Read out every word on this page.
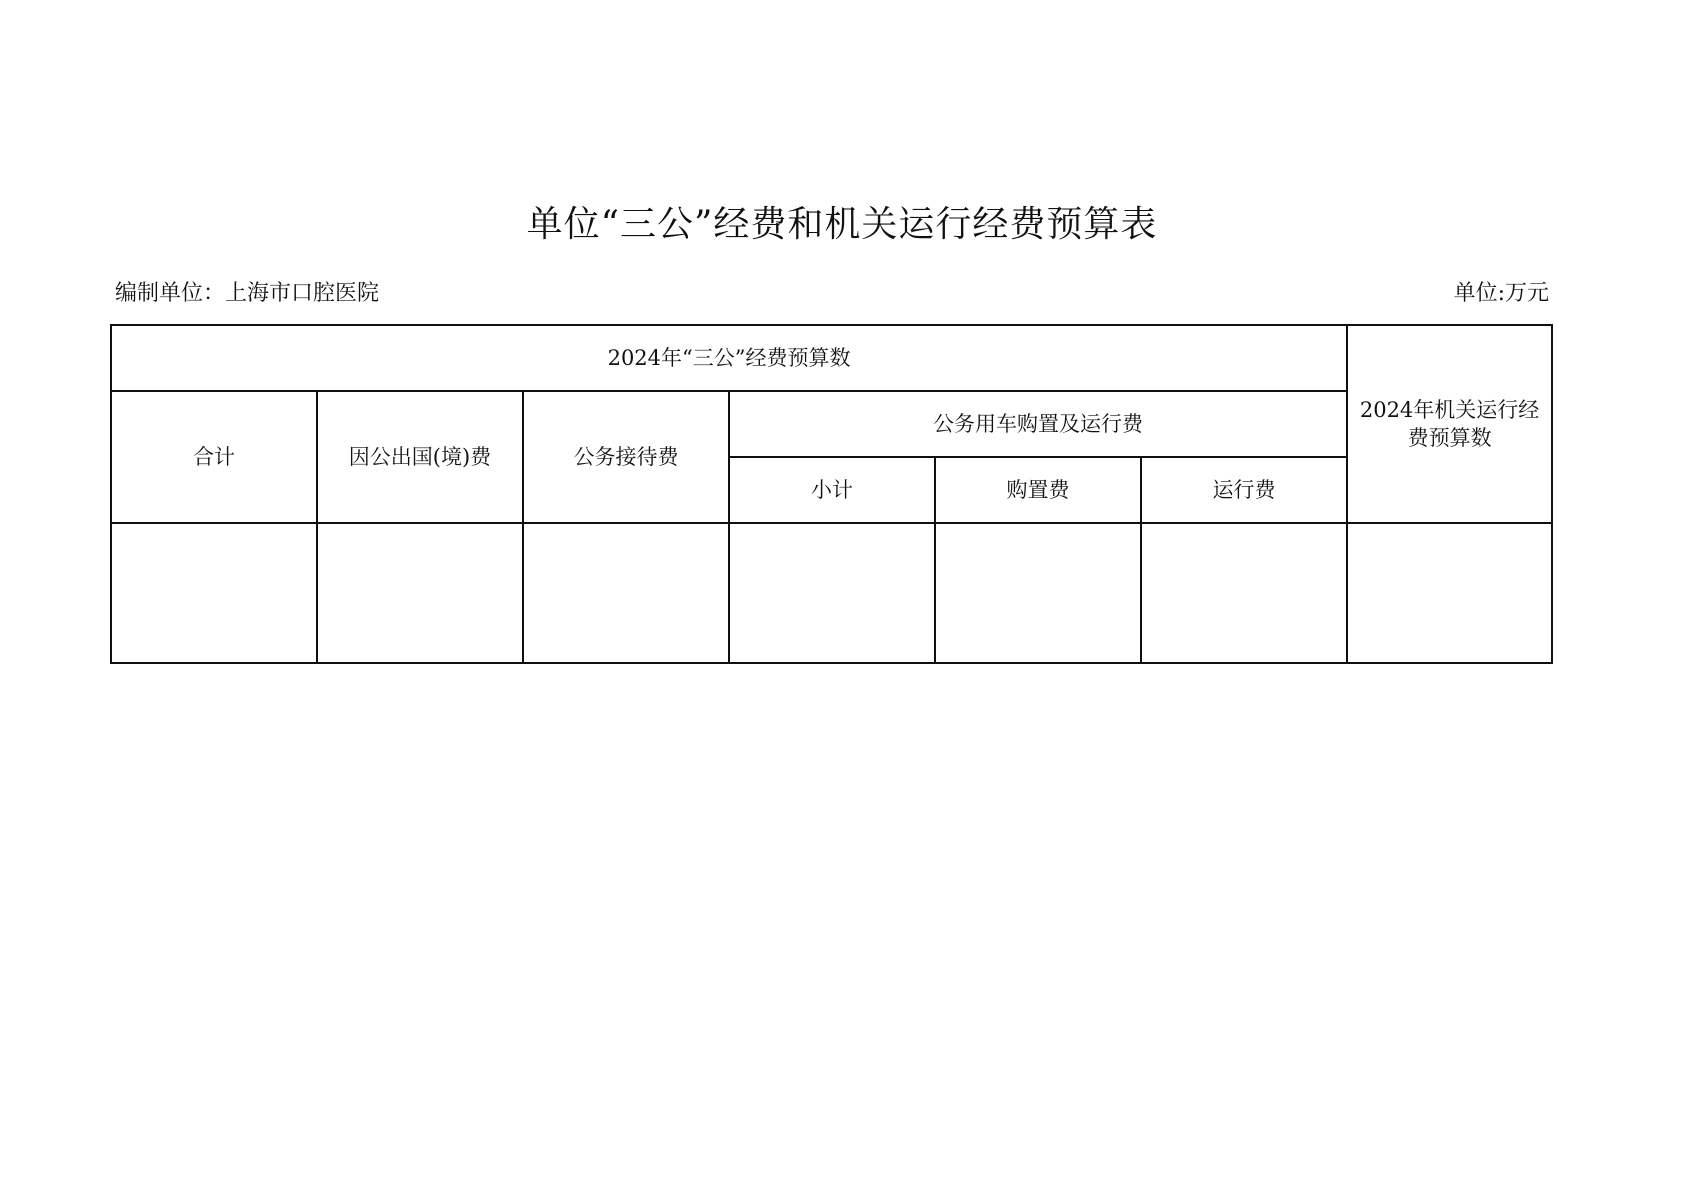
单位“三公”经费和机关运行经费预算表
编制单位：上海市口腔医院	单位:万元
2024年“三公”经费预算数						2024年机关运行经费预算数
合计	因公出国(境)费	公务接待费	公务用车购置及运行费			
			小计	购置费	运行费	
